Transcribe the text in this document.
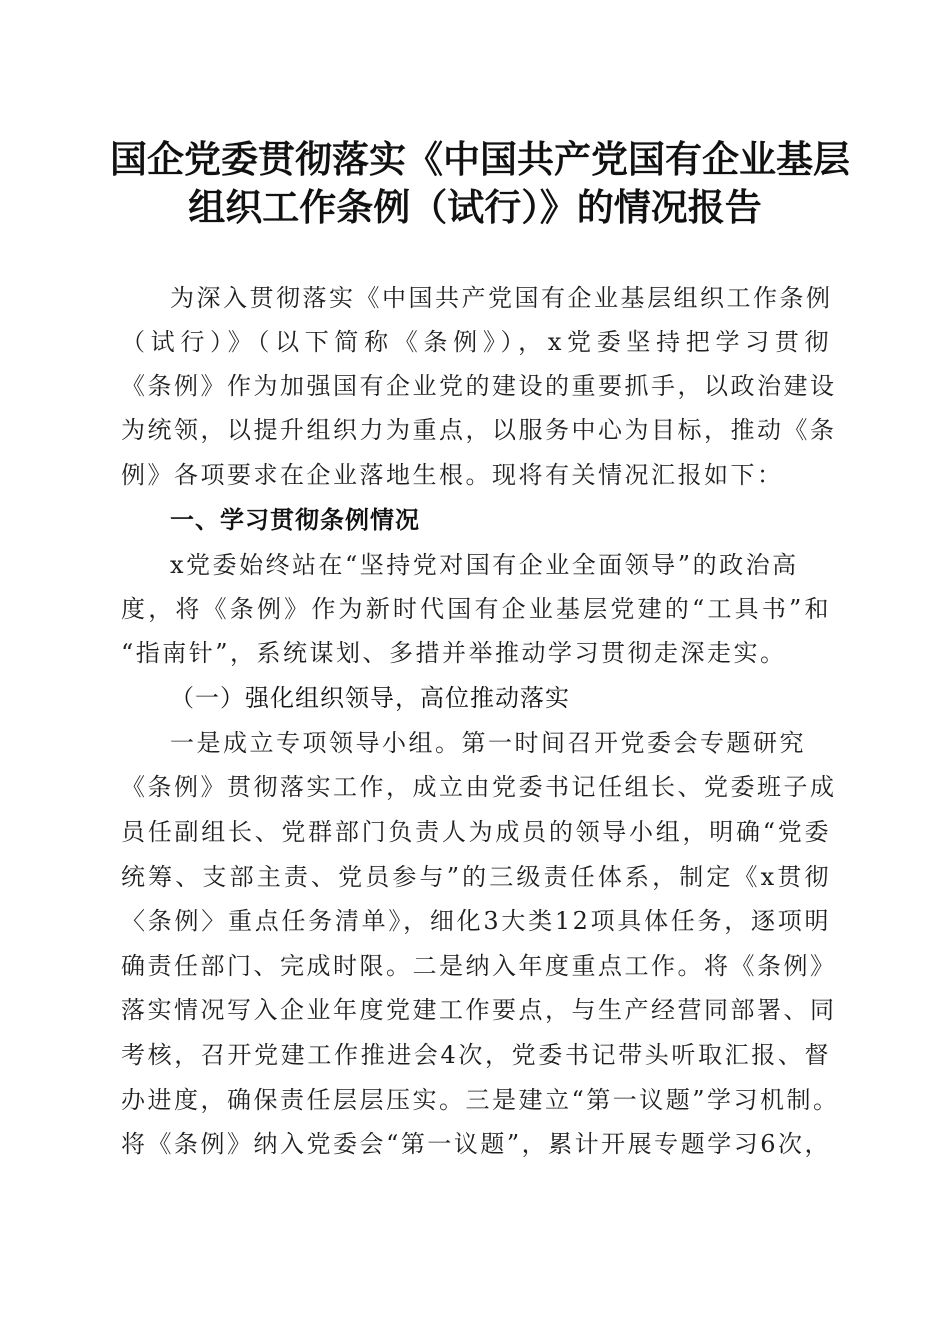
国企党委贯彻落实《中国共产党国有企业基层
组织工作条例（试行）》的情况报告
为深入贯彻落实《中国共产党国有企业基层组织工作条例
（试行）》（以下简称《条例》），x党委坚持把学习贯彻
《条例》作为加强国有企业党的建设的重要抓手，以政治建设
为统领，以提升组织力为重点，以服务中心为目标，推动《条
例》各项要求在企业落地生根。现将有关情况汇报如下：
一、学习贯彻条例情况
x党委始终站在“坚持党对国有企业全面领导”的政治高
度，将《条例》作为新时代国有企业基层党建的“工具书”和
“指南针”，系统谋划、多措并举推动学习贯彻走深走实。
（一）强化组织领导，高位推动落实
一是成立专项领导小组。第一时间召开党委会专题研究
《条例》贯彻落实工作，成立由党委书记任组长、党委班子成
员任副组长、党群部门负责人为成员的领导小组，明确“党委
统筹、支部主责、党员参与”的三级责任体系，制定《x贯彻
〈条例〉重点任务清单》，细化3大类12项具体任务，逐项明
确责任部门、完成时限。二是纳入年度重点工作。将《条例》
落实情况写入企业年度党建工作要点，与生产经营同部署、同
考核，召开党建工作推进会4次，党委书记带头听取汇报、督
办进度，确保责任层层压实。三是建立“第一议题”学习机制。
将《条例》纳入党委会“第一议题”，累计开展专题学习6次，
